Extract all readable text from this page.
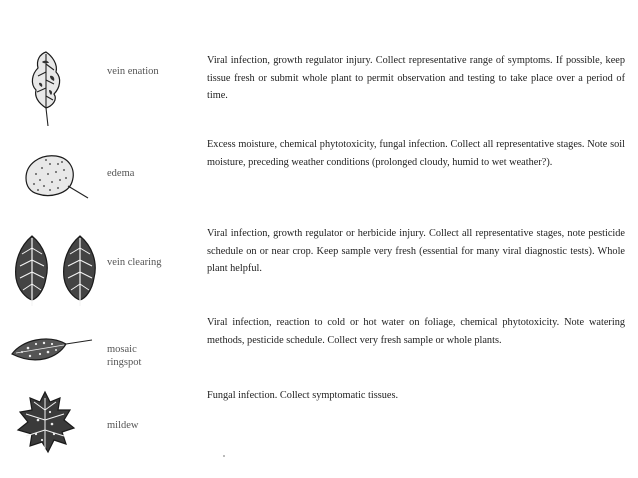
vein enation
Viral infection, growth regulator injury. Collect representative range of symptoms. If possible, keep tissue fresh or submit whole plant to permit observation and testing to take place over a period of time.
edema
Excess moisture, chemical phytotoxicity, fungal infection. Collect all representative stages. Note soil moisture, preceding weather conditions (prolonged cloudy, humid to wet weather?).
vein clearing
Viral infection, growth regulator or herbicide injury. Collect all representative stages, note pesticide schedule on or near crop. Keep sample very fresh (essential for many viral diagnostic tests). Whole plant helpful.
mosaic
ringspot
Viral infection, reaction to cold or hot water on foliage, chemical phytotoxicity. Note watering methods, pesticide schedule. Collect very fresh sample or whole plants.
mildew
Fungal infection. Collect symptomatic tissues.
